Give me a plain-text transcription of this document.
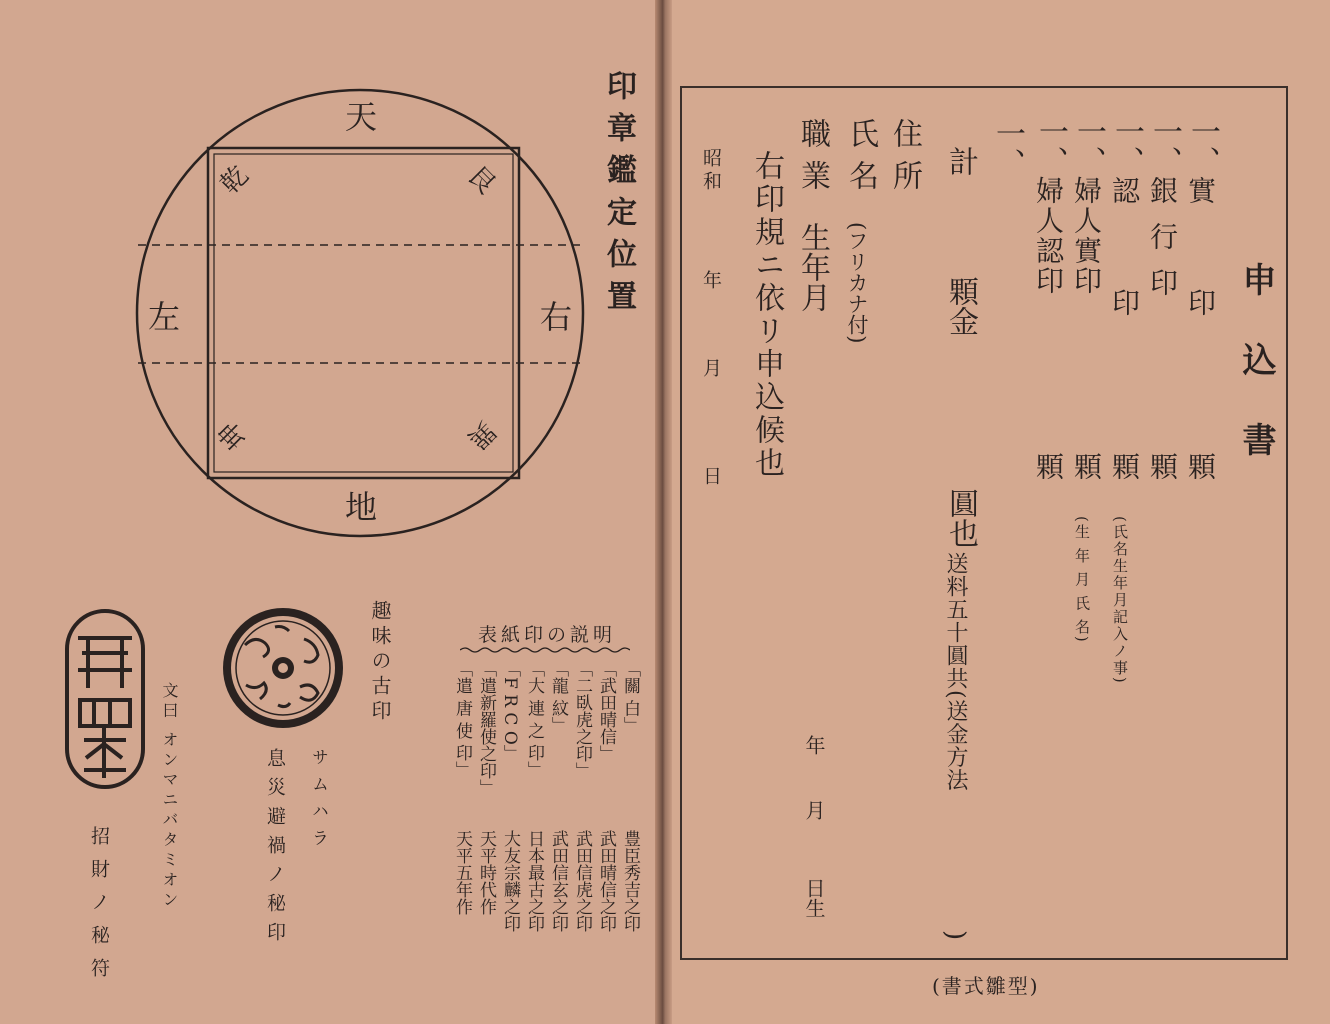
天
地
左	右
乾	艮
坤	巽
印章鑑定位置
表紙印の説明
「關 白」
豊臣秀吉之印
「武田晴信」
武田晴信之印
「二臥虎之印」
武田信虎之印
「龍 紋」
武田信玄之印
「大 連 之 印」
日本最古之印
「F R C O」
大友宗麟之印
「遣新羅使之印」
天平時代作
「遣 唐 使 印」
天平五年作
趣味の古印
サムハラ
息災避禍ノ秘印
文曰 オンマニバタミオン
招財ノ秘符
申込書
一、
實印
顆
一、
銀行印
顆
一、
認印
顆
(氏名生年月記入ノ事)
一、
婦人實印
顆
(生 年 月 氏 名)
一、
婦人認印
顆
一、
計
顆
金
圓也
送料五十圓共(送金方法
)
住所
氏名
(フリカナ付)
職業
生年月
年
月
日生
右印規ニ依リ申込候也
昭和
年
月
日
(書式雛型)
